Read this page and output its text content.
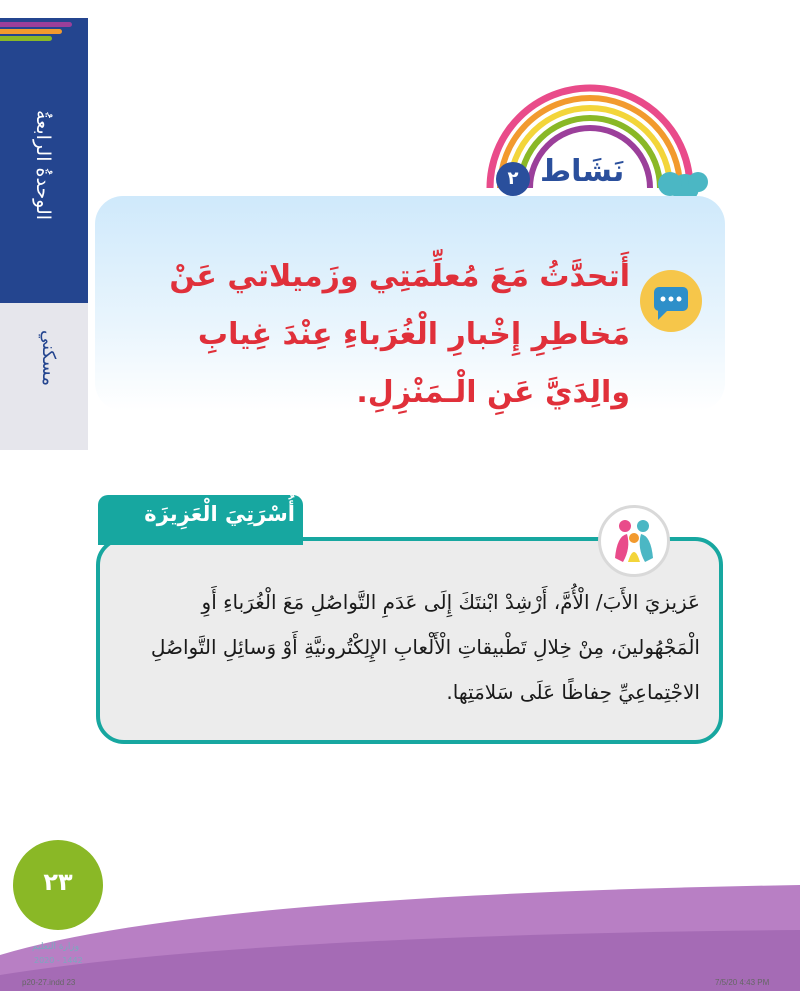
الوحدةُ الرابعةُ
مسكني
٢ نَشَاط
أَتحدَّثُ مَعَ مُعلِّمَتِي وزَميلاتي عَنْ مَخاطِرِ إِخْبارِ الْغُرَباءِ عِنْدَ غِيابِ والِدَيَّ عَنِ الْـمَنْزِلِ.
أُسْرَتِيَ الْعَزِيزَة
عَزيزيَ الأَبَ/ الْأُمَّ، أَرْشِدْ ابْنتَكَ إِلَى عَدَمِ التَّواصُلِ مَعَ الْغُرَباءِ أَوِ الْمَجْهُولينَ، مِنْ خِلالِ تَطْبيقاتِ الْأَلْعابِ الإِلِكْتُرونيَّةِ أَوْ وَسائِلِ التَّواصُلِ الاجْتِماعِيِّ حِفاظًا عَلَى سَلامَتِها.
٢٣
وزارة التعليم
2020 - 1442
p20-27.indd 23	7/5/20 4:43 PM
